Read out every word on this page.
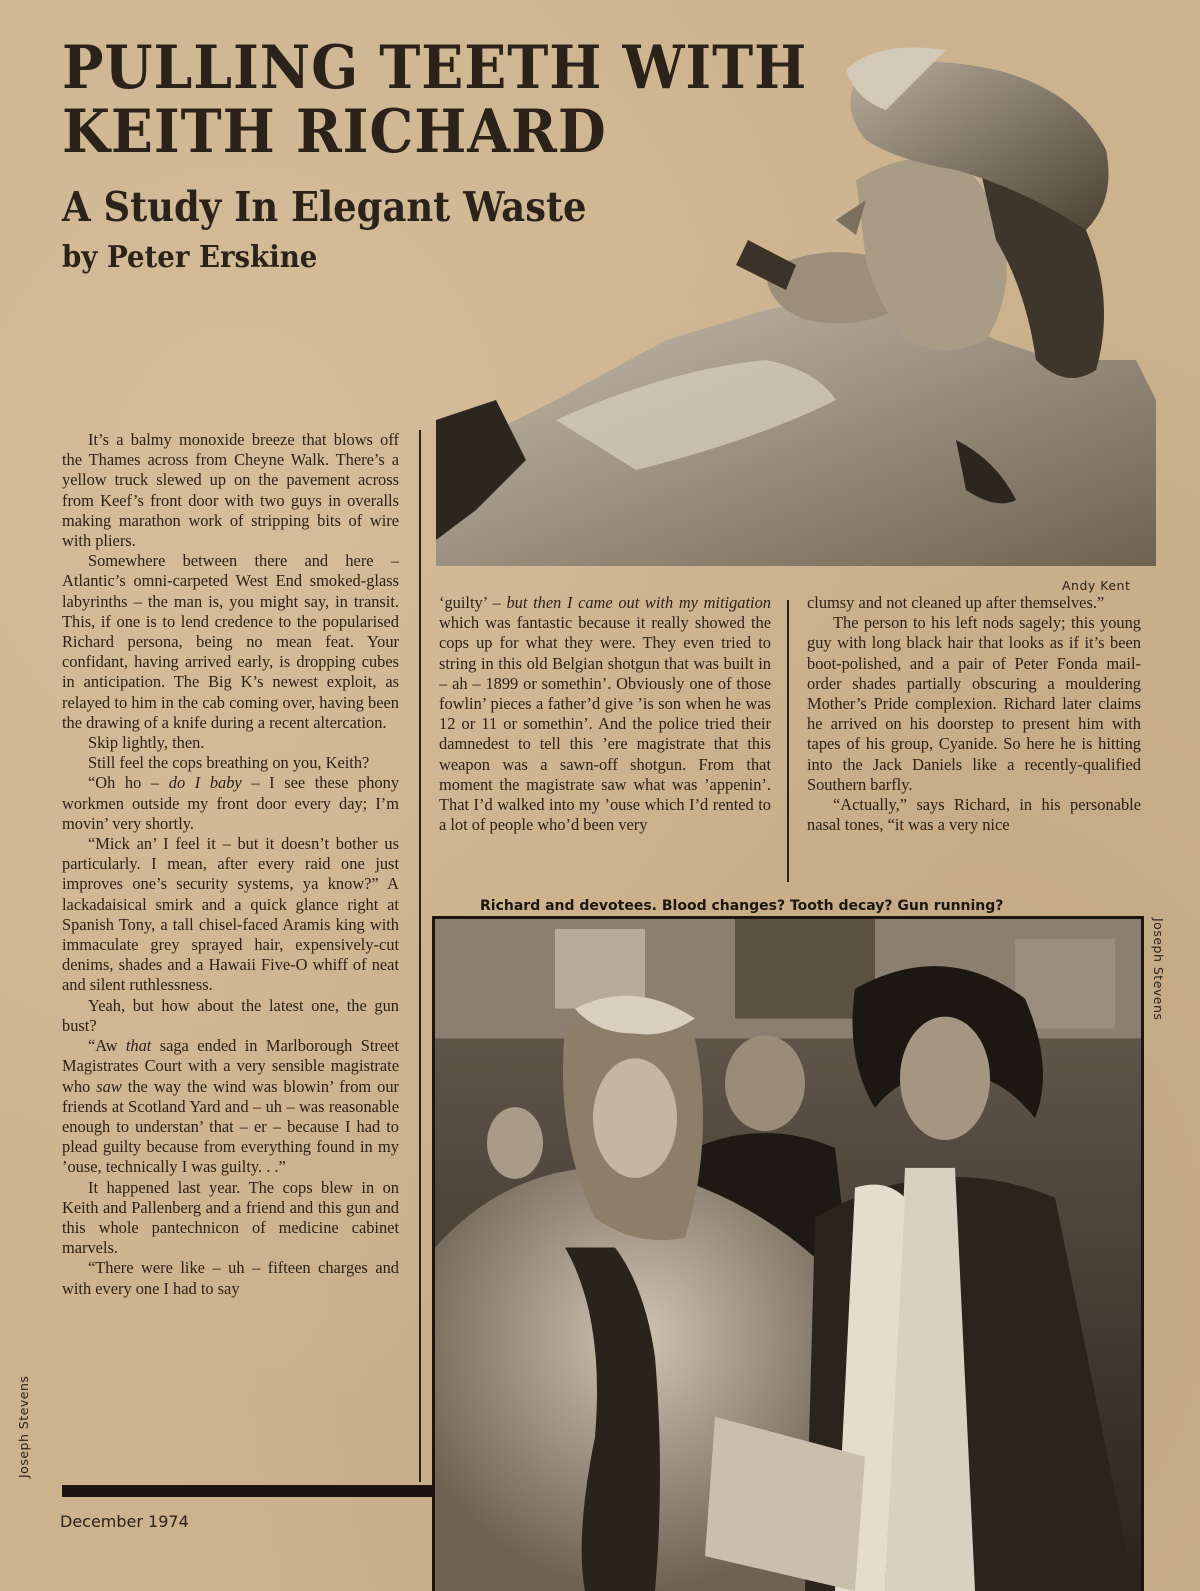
PULLING TEETH WITH
KEITH RICHARD
A Study In Elegant Waste
by Peter Erskine
Andy Kent

It’s a balmy monoxide breeze that blows off the Thames across from Cheyne Walk. There’s a yellow truck slewed up on the pavement across from Keef’s front door with two guys in overalls making marathon work of stripping bits of wire with pliers.

Somewhere between there and here – Atlantic’s omni-carpeted West End smoked-glass labyrinths – the man is, you might say, in transit. This, if one is to lend credence to the popularised Richard persona, being no mean feat. Your confidant, having arrived early, is dropping cubes in anticipation. The Big K’s newest exploit, as relayed to him in the cab coming over, having been the drawing of a knife during a recent altercation.

Skip lightly, then.

Still feel the cops breathing on you, Keith?

“Oh ho – do I baby – I see these phony workmen outside my front door every day; I’m movin’ very shortly.

“Mick an’ I feel it – but it doesn’t bother us particularly. I mean, after every raid one just improves one’s security systems, ya know?” A lackadaisical smirk and a quick glance right at Spanish Tony, a tall chisel-faced Aramis king with immaculate grey sprayed hair, expensively-cut denims, shades and a Hawaii Five-O whiff of neat and silent ruthlessness.

Yeah, but how about the latest one, the gun bust?

“Aw that saga ended in Marlborough Street Magistrates Court with a very sensible magistrate who saw the way the wind was blowin’ from our friends at Scotland Yard and – uh – was reasonable enough to understan’ that – er – because I had to plead guilty because from everything found in my ’ouse, technically I was guilty. . .”

It happened last year. The cops blew in on Keith and Pallenberg and a friend and this gun and this whole pantechnicon of medicine cabinet marvels.

“There were like – uh – fifteen charges and with every one I had to say

‘guilty’ – but then I came out with my mitigation which was fantastic because it really showed the cops up for what they were. They even tried to string in this old Belgian shotgun that was built in – ah – 1899 or somethin’. Obviously one of those fowlin’ pieces a father’d give ’is son when he was 12 or 11 or somethin’. And the police tried their damnedest to tell this ’ere magistrate that this weapon was a sawn-off shotgun. From that moment the magistrate saw what was ’appenin’. That I’d walked into my ’ouse which I’d rented to a lot of people who’d been very

clumsy and not cleaned up after themselves.”

The person to his left nods sagely; this young guy with long black hair that looks as if it’s been boot-polished, and a pair of Peter Fonda mail-order shades partially obscuring a mouldering Mother’s Pride complexion. Richard later claims he arrived on his doorstep to present him with tapes of his group, Cyanide. So here he is hitting into the Jack Daniels like a recently-qualified Southern barfly.

“Actually,” says Richard, in his personable nasal tones, “it was a very nice

Richard and devotees. Blood changes? Tooth decay? Gun running?
Joseph Stevens
Joseph Stevens
December 1974
